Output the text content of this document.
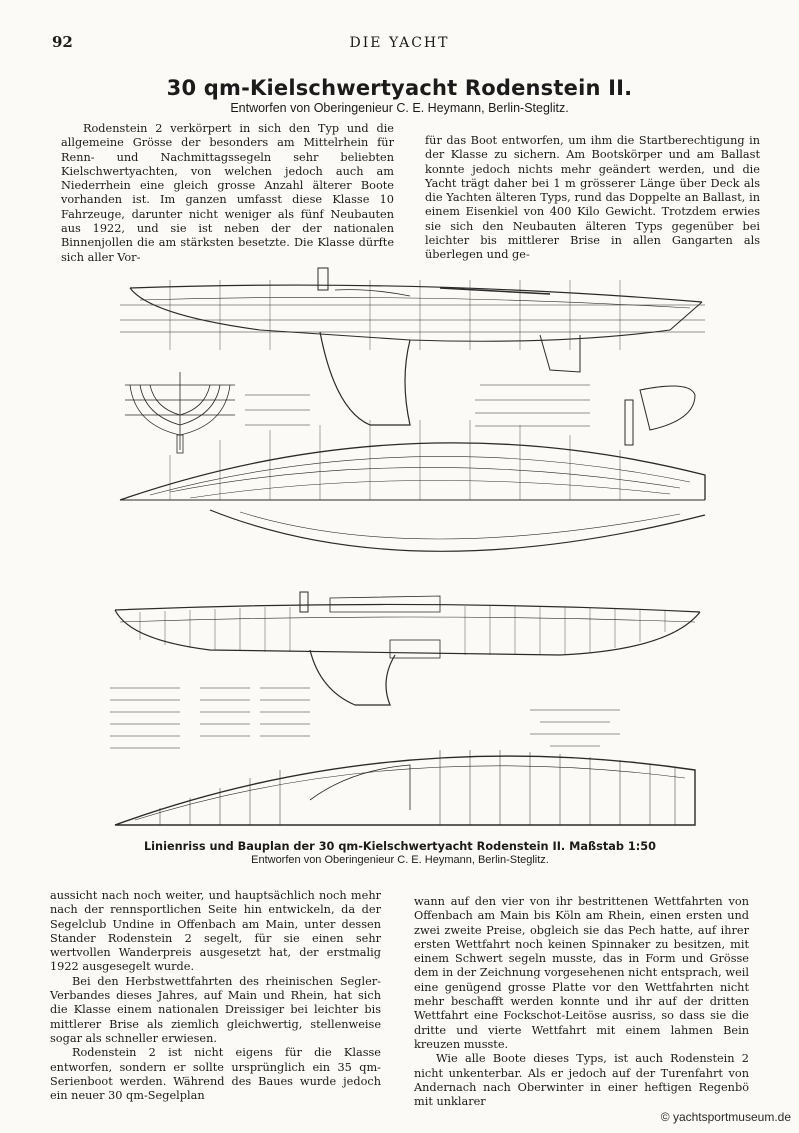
92	DIE YACHT
30 qm-Kielschwertyacht Rodenstein II.
Entworfen von Oberingenieur C. E. Heymann, Berlin-Steglitz.

Rodenstein 2 verkörpert in sich den Typ und die allgemeine Grösse der besonders am Mittelrhein für Renn- und Nachmittagssegeln sehr beliebten Kielschwertyachten, von welchen jedoch auch am Niederrhein eine gleich grosse Anzahl älterer Boote vorhanden ist. Im ganzen umfasst diese Klasse 10 Fahrzeuge, darunter nicht weniger als fünf Neubauten aus 1922, und sie ist neben der der nationalen Binnenjollen die am stärksten besetzte. Die Klasse dürfte sich aller Vor-

für das Boot entworfen, um ihm die Startberechtigung in der Klasse zu sichern. Am Bootskörper und am Ballast konnte jedoch nichts mehr geändert werden, und die Yacht trägt daher bei 1 m grösserer Länge über Deck als die Yachten älteren Typs, rund das Doppelte an Ballast, in einem Eisenkiel von 400 Kilo Gewicht. Trotzdem erwies sie sich den Neubauten älteren Typs gegenüber bei leichter bis mittlerer Brise in allen Gangarten als überlegen und ge-

Linienriss und Bauplan der 30 qm-Kielschwertyacht Rodenstein II. Maßstab 1:50
Entworfen von Oberingenieur C. E. Heymann, Berlin-Steglitz.

aussicht nach noch weiter, und hauptsächlich noch mehr nach der rennsportlichen Seite hin entwickeln, da der Segelclub Undine in Offenbach am Main, unter dessen Stander Rodenstein 2 segelt, für sie einen sehr wertvollen Wanderpreis ausgesetzt hat, der erstmalig 1922 ausgesegelt wurde.

Bei den Herbstwettfahrten des rheinischen Segler-Verbandes dieses Jahres, auf Main und Rhein, hat sich die Klasse einem nationalen Dreissiger bei leichter bis mittlerer Brise als ziemlich gleichwertig, stellenweise sogar als schneller erwiesen.

Rodenstein 2 ist nicht eigens für die Klasse entworfen, sondern er sollte ursprünglich ein 35 qm-Serienboot werden. Während des Baues wurde jedoch ein neuer 30 qm-Segelplan

wann auf den vier von ihr bestrittenen Wettfahrten von Offenbach am Main bis Köln am Rhein, einen ersten und zwei zweite Preise, obgleich sie das Pech hatte, auf ihrer ersten Wettfahrt noch keinen Spinnaker zu besitzen, mit einem Schwert segeln musste, das in Form und Grösse dem in der Zeichnung vorgesehenen nicht entsprach, weil eine genügend grosse Platte vor den Wettfahrten nicht mehr beschafft werden konnte und ihr auf der dritten Wettfahrt eine Fockschot-Leitöse ausriss, so dass sie die dritte und vierte Wettfahrt mit einem lahmen Bein kreuzen musste.

Wie alle Boote dieses Typs, ist auch Rodenstein 2 nicht unkenterbar. Als er jedoch auf der Turenfahrt von Andernach nach Oberwinter in einer heftigen Regenbö mit unklarer

© yachtsportmuseum.de
